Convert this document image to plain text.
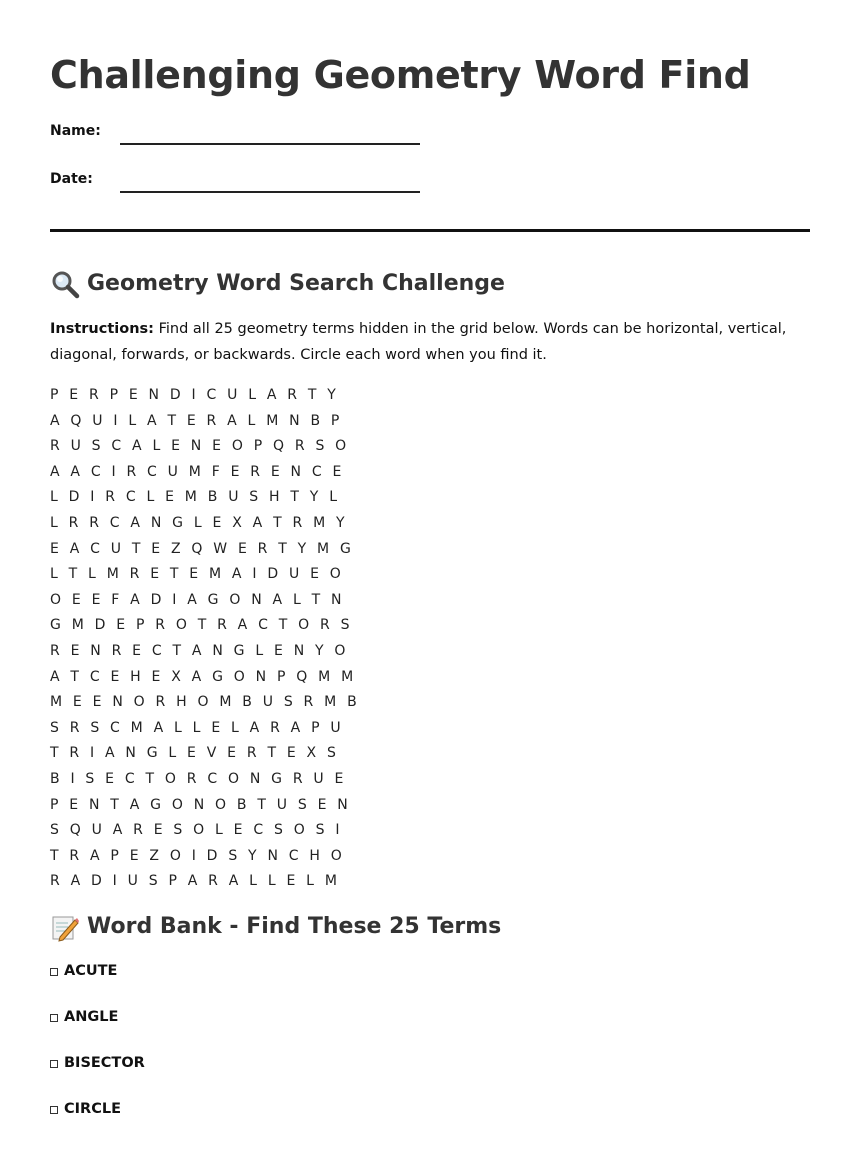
Challenging Geometry Word Find
Name:
Date:
Geometry Word Search Challenge

Instructions: Find all 25 geometry terms hidden in the grid below. Words can be horizontal, vertical, diagonal, forwards, or backwards. Circle each word when you find it.

P E R P E N D I C U L A R T Y
A Q U I L A T E R A L M N B P
R U S C A L E N E O P Q R S O
A A C I R C U M F E R E N C E
L D I R C L E M B U S H T Y L
L R R C A N G L E X A T R M Y
E A C U T E Z Q W E R T Y M G
L T L M R E T E M A I D U E O
O E E F A D I A G O N A L T N
G M D E P R O T R A C T O R S
R E N R E C T A N G L E N Y O
A T C E H E X A G O N P Q M M
M E E N O R H O M B U S R M B
S R S C M A L L E L A R A P U
T R I A N G L E V E R T E X S
B I S E C T O R C O N G R U E
P E N T A G O N O B T U S E N
S Q U A R E S O L E C S O S I
T R A P E Z O I D S Y N C H O
R A D I U S P A R A L L E L M
Word Bank - Find These 25 Terms
ACUTE
ANGLE
BISECTOR
CIRCLE
